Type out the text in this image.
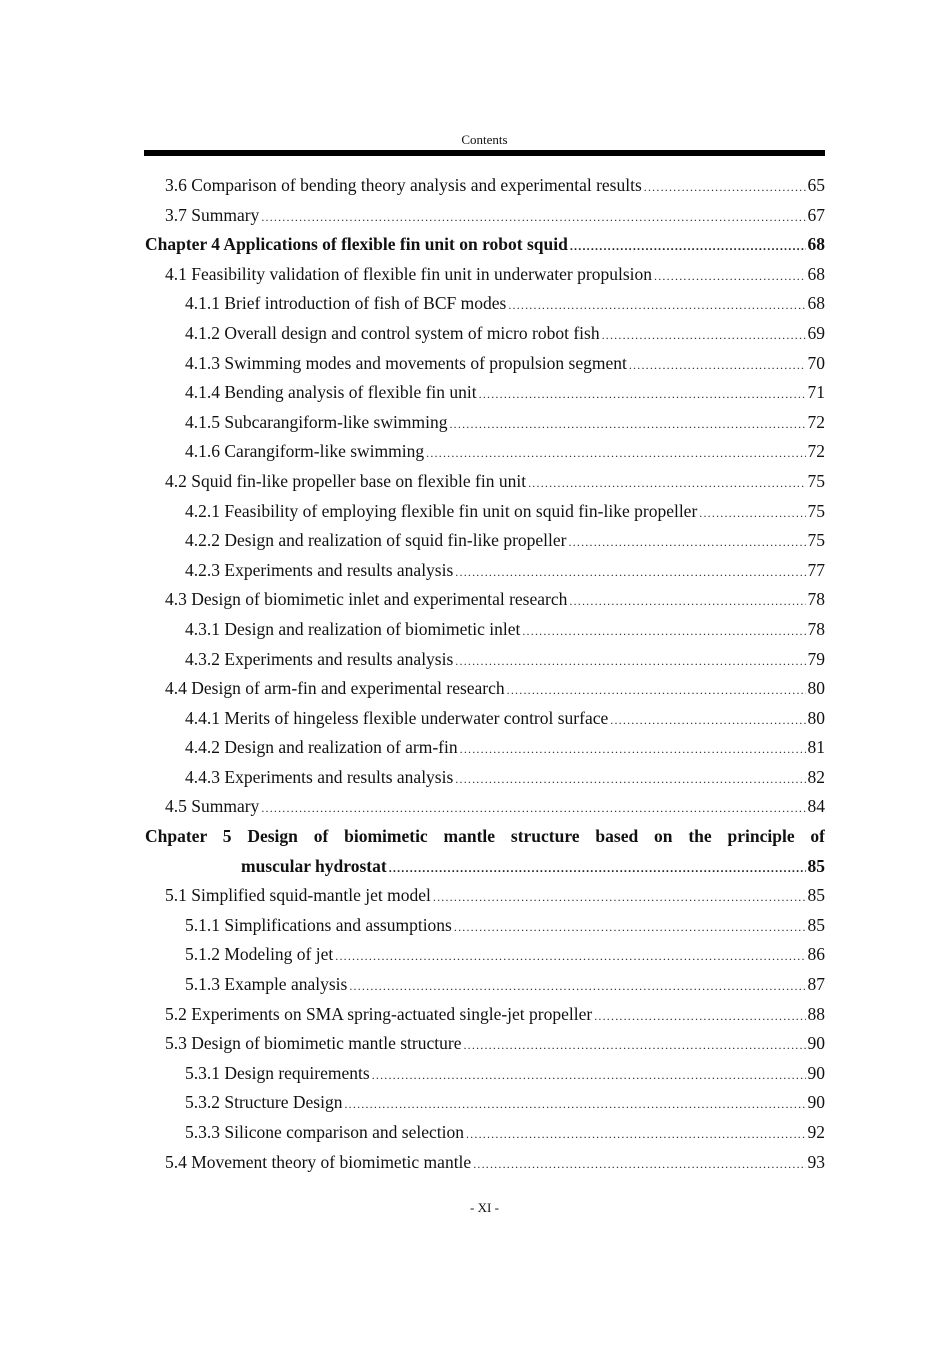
Contents
3.6 Comparison of bending theory analysis and experimental results .....	65
3.7 Summary .....	67
Chapter 4 Applications of flexible fin unit on robot squid .....	68
4.1 Feasibility validation of flexible fin unit in underwater propulsion .....	68
4.1.1 Brief introduction of fish of BCF modes .....	68
4.1.2 Overall design and control system of micro robot fish .....	69
4.1.3 Swimming modes and movements of propulsion segment .....	70
4.1.4 Bending analysis of flexible fin unit .....	71
4.1.5 Subcarangiform-like swimming .....	72
4.1.6 Carangiform-like swimming .....	72
4.2 Squid fin-like propeller base on flexible fin unit .....	75
4.2.1 Feasibility of employing flexible fin unit on squid fin-like propeller .....	75
4.2.2 Design and realization of squid fin-like propeller .....	75
4.2.3 Experiments and results analysis .....	77
4.3 Design of biomimetic inlet and experimental research .....	78
4.3.1 Design and realization of biomimetic inlet .....	78
4.3.2 Experiments and results analysis .....	79
4.4 Design of arm-fin and experimental research .....	80
4.4.1 Merits of hingeless flexible underwater control surface .....	80
4.4.2 Design and realization of arm-fin .....	81
4.4.3 Experiments and results analysis .....	82
4.5 Summary .....	84
Chpater 5 Design of biomimetic mantle structure based on the principle of
muscular hydrostat .....	85
5.1 Simplified squid-mantle jet model .....	85
5.1.1 Simplifications and assumptions .....	85
5.1.2 Modeling of jet .....	86
5.1.3 Example analysis .....	87
5.2 Experiments on SMA spring-actuated single-jet propeller .....	88
5.3 Design of biomimetic mantle structure .....	90
5.3.1 Design requirements .....	90
5.3.2 Structure Design .....	90
5.3.3 Silicone comparison and selection .....	92
5.4 Movement theory of biomimetic mantle .....	93
- XI -
